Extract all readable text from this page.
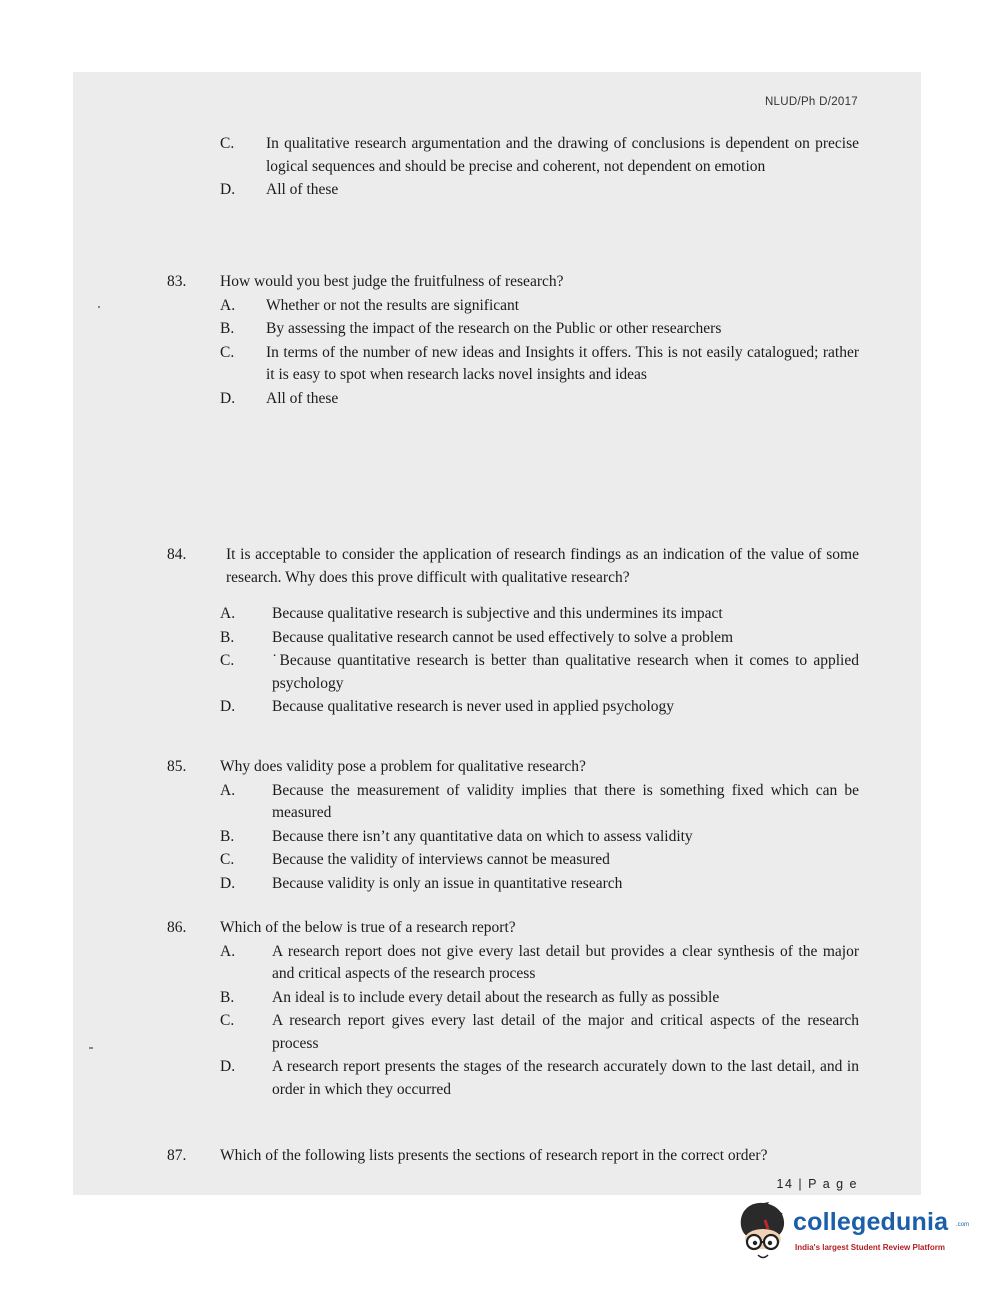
NLUD/Ph D/2017
C. In qualitative research argumentation and the drawing of conclusions is dependent on precise logical sequences and should be precise and coherent, not dependent on emotion
D. All of these
83.	How would you best judge the fruitfulness of research?
A. Whether or not the results are significant
B. By assessing the impact of the research on the Public or other researchers
C. In terms of the number of new ideas and Insights it offers. This is not easily catalogued; rather it is easy to spot when research lacks novel insights and ideas
D. All of these
84.	It is acceptable to consider the application of research findings as an indication of the value of some research. Why does this prove difficult with qualitative research?
A. Because qualitative research is subjective and this undermines its impact
B. Because qualitative research cannot be used effectively to solve a problem
C. ˙Because quantitative research is better than qualitative research when it comes to applied psychology
D. Because qualitative research is never used in applied psychology
85.	Why does validity pose a problem for qualitative research?
A. Because the measurement of validity implies that there is something fixed which can be measured
B. Because there isn’t any quantitative data on which to assess validity
C. Because the validity of interviews cannot be measured
D. Because validity is only an issue in quantitative research
86.	Which of the below is true of a research report?
A. A research report does not give every last detail but provides a clear synthesis of the major and critical aspects of the research process
B. An ideal is to include every detail about the research as fully as possible
C. A research report gives every last detail of the major and critical aspects of the research process
D. A research report presents the stages of the research accurately down to the last detail, and in order in which they occurred
87.	Which of the following lists presents the sections of research report in the correct order?
14 | P a g e
collegedunia .com
India's largest Student Review Platform
